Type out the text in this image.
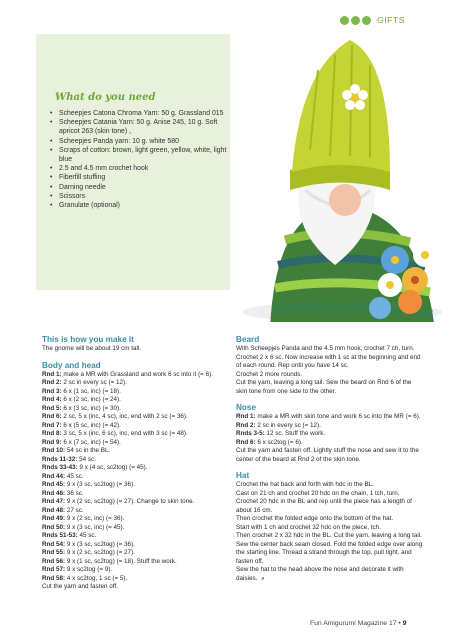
GIFTS
What do you need
• Scheepjes Catona Chroma Yarn: 50 g. Grassland 015
• Scheepjes Catania Yarn: 50 g. Anise 245, 10 g. Soft apricot 263 (skin tone) ,
• Scheepjes Panda yarn: 10 g. white 580
• Scraps of cotton: brown, light green, yellow, white, light blue
• 2.5 and 4.5 mm crochet hook
• Fiberfill stuffing
• Darning needle
• Scissors
• Granulate (optional)
This is how you make it

The gnome will be about 19 cm tall.

Body and head

Rnd 1: make a MR with Grassland and work 6 sc into it (= 6).

Rnd 2: 2 sc in every sc (= 12).

Rnd 3: 6 x (1 sc, inc) (= 18).

Rnd 4: 6 x (2 sc, inc) (= 24).

Rnd 5: 6 x (3 sc, inc) (= 30).

Rnd 6: 2 sc, 5 x (inc, 4 sc), inc, end with 2 sc (= 36).

Rnd 7: 6 x (5 sc, inc) (= 42).

Rnd 8: 3 sc, 5 x (inc, 6 sc), inc, end with 3 sc (= 48).

Rnd 9: 6 x (7 sc, inc) (= 54).

Rnd 10: 54 sc in the BL.

Rnds 11-32: 54 sc.

Rnds 33-43: 9 x (4 sc, sc2tog) (= 45).

Rnd 44: 45 sc.

Rnd 45: 9 x (3 sc, sc2tog) (= 36).

Rnd 46: 36 sc.

Rnd 47: 9 x (2 sc, sc2tog) (= 27). Change to skin tone.

Rnd 48: 27 sc.

Rnd 49: 9 x (2 sc, inc) (= 36).

Rnd 50: 9 x (3 sc, inc) (= 45).

Rnds 51-53: 45 sc.

Rnd 54: 9 x (3 sc, sc2tog) (= 36).

Rnd 55: 9 x (2 sc, sc2tog) (= 27).

Rnd 56: 9 x (1 sc, sc2tog) (= 18). Stuff the work.

Rnd 57: 9 x sc2tog (= 9).

Rnd 58: 4 x sc2tog, 1 sc (= 5).

Cut the yarn and fasten off.

Beard

With Scheepjes Panda and the 4.5 mm hook, crochet 7 ch, turn.

Crochet 2 x 6 sc. Now increase with 1 sc at the beginning and end of each round. Rep until you have 14 sc.

Crochet 2 more rounds.

Cut the yarn, leaving a long tail. Sew the beard on Rnd 6 of the skin tone from one side to the other.

Nose

Rnd 1: make a MR with skin tone and work 6 sc into the MR (= 6).

Rnd 2: 2 sc in every sc (= 12).

Rnds 3-5: 12 sc. Stuff the work.

Rnd 6: 6 x sc2tog (= 6).

Cut the yarn and fasten off. Lightly stuff the nose and sew it to the center of the beard at Rnd 2 of the skin tone.

Hat

Crochet the hat back and forth with hdc in the BL.

Cast on 21 ch and crochet 20 hdc on the chain, 1 tch, turn.

Crochet 20 hdc in the BL and rep until the piece has a length of about 16 cm.

Then crochet the folded edge onto the bottom of the hat.

Start with 1 ch and crochet 32 hdc on the piece, tch.

Then crochet 2 x 32 hdc in the BL. Cut the yarn, leaving a long tail.

Sew the center back seam closed. Fold the folded edge over along the starting line. Thread a strand through the top, pull tight, and fasten off.

Sew the hat to the head above the nose and decorate it with daisies. »

Fun Amigurumi Magazine 17 • 9
